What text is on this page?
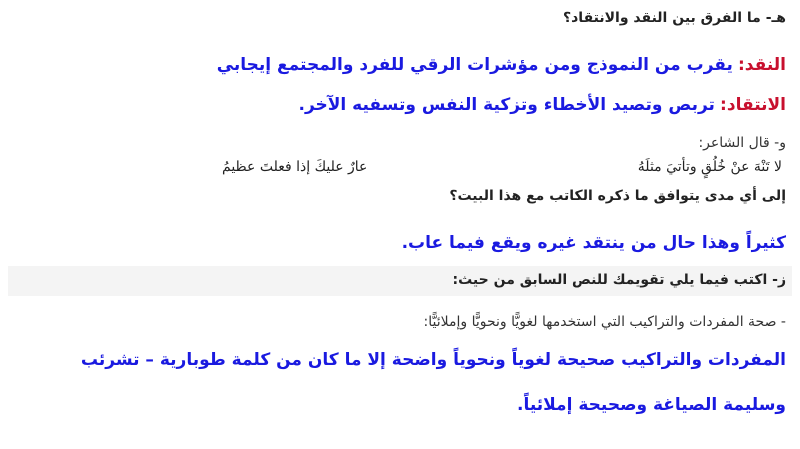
هـ- ما الفرق بين النقد والانتقاد؟
النقد: يقرب من النموذج ومن مؤشرات الرقي للفرد والمجتمع إيجابي
الانتقاد: تربص وتصيد الأخطاء وتزكية النفس وتسفيه الآخر.
و- قال الشاعر:
لا تَنْهَ عنْ خُلُقٍ وتأتيَ مثلَهُ
عارٌ عليكَ إذا فعلتَ عظيمُ
إلى أي مدى يتوافق ما ذكره الكاتب مع هذا البيت؟
كثيراً وهذا حال من ينتقد غيره ويقع فيما عاب.
ز- اكتب فيما يلي تقويمك للنص السابق من حيث:
- صحة المفردات والتراكيب التي استخدمها لغويًّا ونحويًّا وإملائيًّا:
المفردات والتراكيب صحيحة لغوياً ونحوياً واضحة إلا ما كان من كلمة طوبارية – تشرئب
وسليمة الصياغة وصحيحة إملائياً.
